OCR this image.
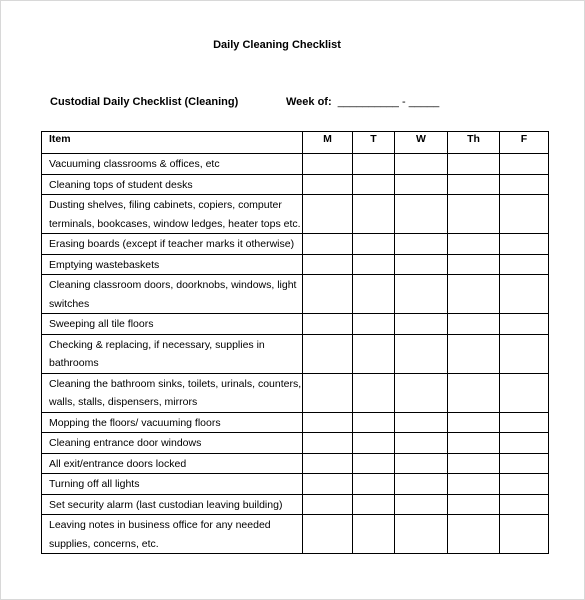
Daily Cleaning Checklist
Custodial Daily Checklist (Cleaning)	Week of:  __________ - _____
Item	M	T	W	Th	F
Vacuuming classrooms & offices, etc					
Cleaning tops of student desks					
Dusting shelves, filing cabinets, copiers, computer terminals, bookcases, window ledges, heater tops etc.					
Erasing boards (except if teacher marks it otherwise)					
Emptying wastebaskets					
Cleaning classroom doors, doorknobs, windows, light switches					
Sweeping all tile floors					
Checking & replacing, if necessary, supplies in bathrooms					
Cleaning the bathroom sinks, toilets, urinals, counters, walls, stalls, dispensers, mirrors					
Mopping the floors/ vacuuming floors					
Cleaning entrance door windows					
All exit/entrance doors locked					
Turning off all lights					
Set security alarm (last custodian leaving building)					
Leaving notes in business office for any needed supplies, concerns, etc.					
